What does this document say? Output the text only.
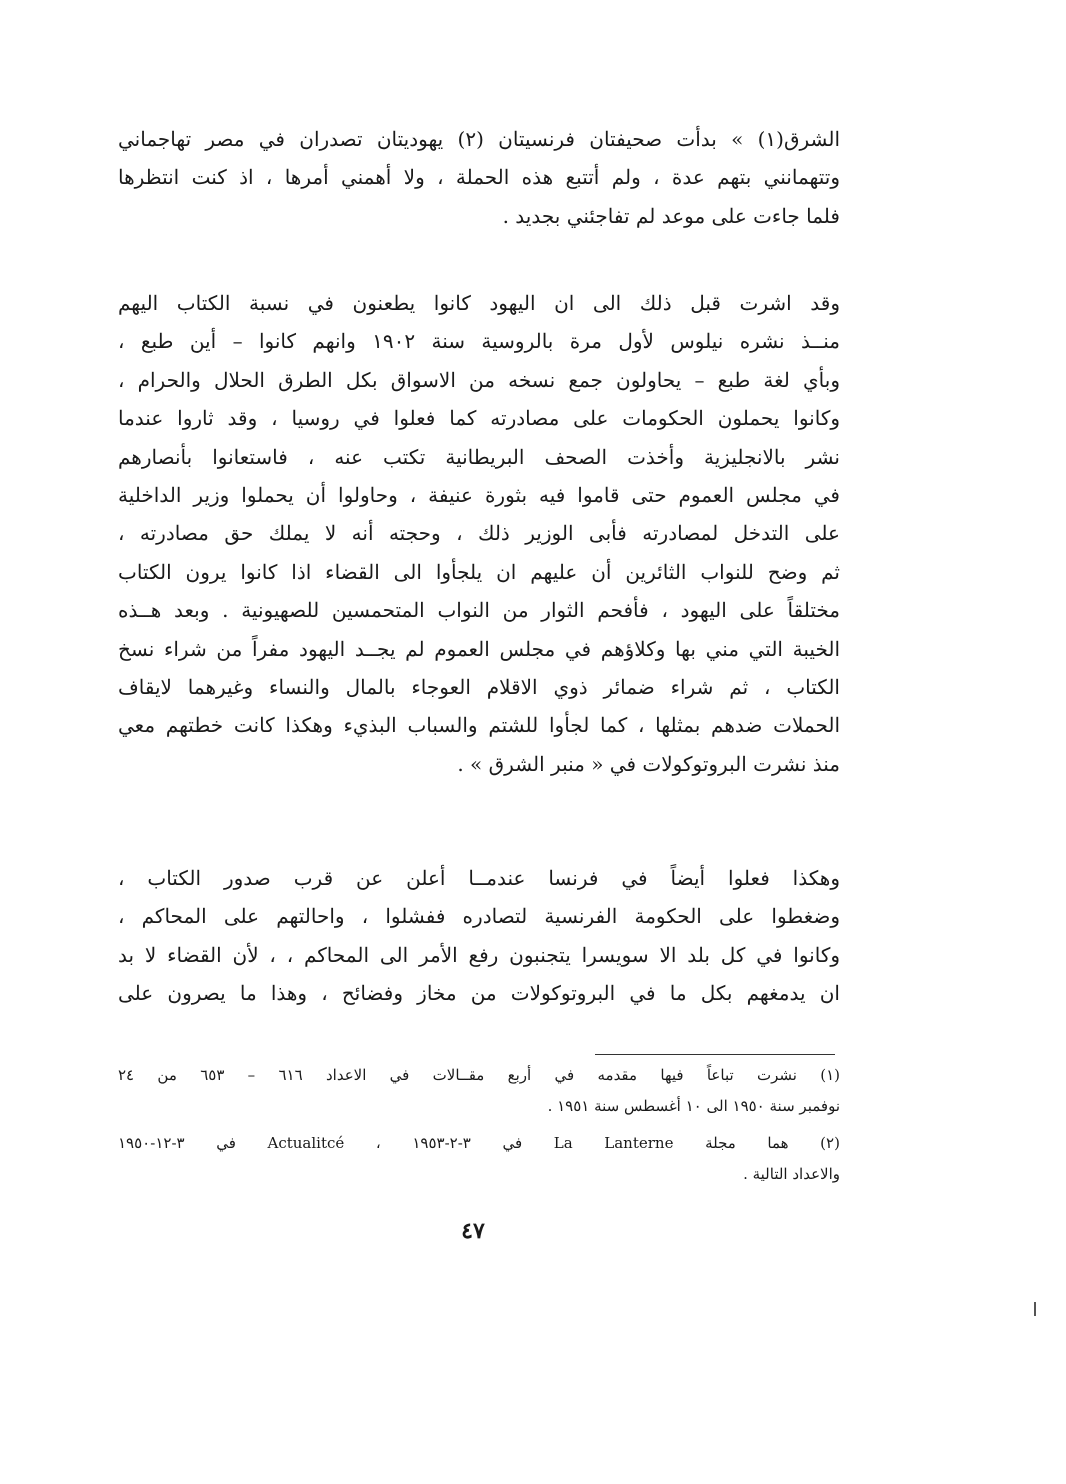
الشرق(١) » بدأت صحيفتان فرنسيتان (٢) يهوديتان تصدران في مصر تهاجماني
وتتهمانني بتهم عدة ، ولم أتتبع هذه الحملة ، ولا أهمني أمرها ، اذ كنت انتظرها
فلما جاءت على موعد لم تفاجئني بجديد .
وقد اشرت قبل ذلك الى ان اليهود كانوا يطعنون في نسبة الكتاب اليهم
منــذ نشره نيلوس لأول مرة بالروسية سنة ١٩٠٢ وانهم كانوا – أين طبع ،
وبأي لغة طبع – يحاولون جمع نسخه من الاسواق بكل الطرق الحلال والحرام ،
وكانوا يحملون الحكومات على مصادرته كما فعلوا في روسيا ، وقد ثاروا عندما
نشر بالانجليزية وأخذت الصحف البريطانية تكتب عنه ، فاستعانوا بأنصارهم
في مجلس العموم حتى قاموا فيه بثورة عنيفة ، وحاولوا أن يحملوا وزير الداخلية
على التدخل لمصادرته فأبى الوزير ذلك ، وحجته أنه لا يملك حق مصادرته ،
ثم وضح للنواب الثائرين أن عليهم ان يلجأوا الى القضاء اذا كانوا يرون الكتاب
مختلقاً على اليهود ، فأفحم الثوار من النواب المتحمسين للصهيونية . وبعد هــذه
الخيبة التي مني بها وكلاؤهم في مجلس العموم لم يجــد اليهود مفراً من شراء نسخ
الكتاب ، ثم شراء ضمائر ذوي الاقلام العوجاء بالمال والنساء وغيرهما لايقاف
الحملات ضدهم بمثلها ، كما لجأوا للشتم والسباب البذيء وهكذا كانت خطتهم معي
منذ نشرت البروتوكولات في « منبر الشرق » .
وهكذا فعلوا أيضاً في فرنسا عندمــا أعلن عن قرب صدور الكتاب ،
وضغطوا على الحكومة الفرنسية لتصادره ففشلوا ، واحالتهم على المحاكم ،
وكانوا في كل بلد الا سويسرا يتجنبون رفع الأمر الى المحاكم ، ، لأن القضاء لا بد
ان يدمغهم بكل ما في البروتوكولات من مخاز وفضائح ، وهذا ما يصرون على
(١) نشرت تباعاً فيها مقدمه في أربع مقــالات في الاعداد ٦١٦ – ٦٥٣ من ٢٤
نوفمبر سنة ١٩٥٠ الى ١٠ أغسطس سنة ١٩٥١ .
(٢) هما مجلة La Lanterne في ٣-٢-١٩٥٣ ، Actualitcé في ٣-١٢-١٩٥٠
والاعداد التالية .
٤٧
